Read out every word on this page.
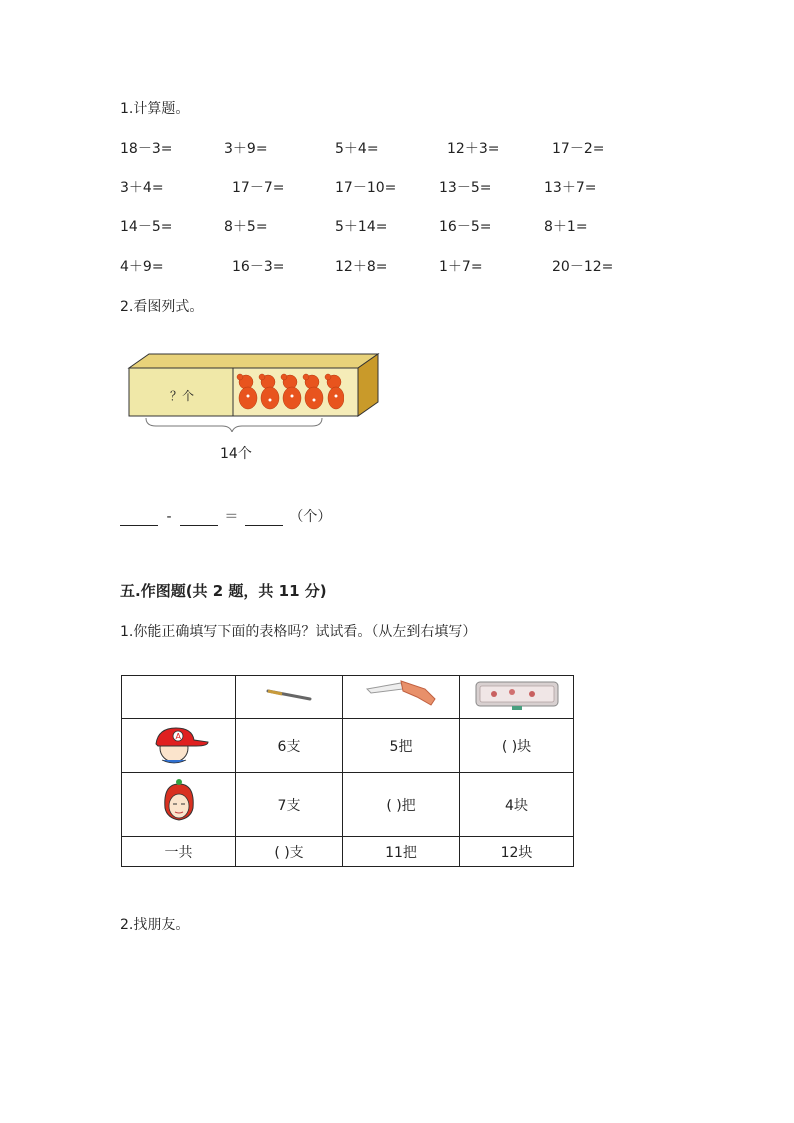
1.计算题。
18－3=	3＋9=	5＋4=	12＋3=	17－2=
3＋4=	17－7=	17－10=	13－5=	13＋7=
14－5=	8＋5=	5＋14=	16－5=	8＋1=
4＋9=	16－3=	12＋8=	1＋7=	20－12=
2.看图列式。
？个
14个
-	＝	（个）
五.作图题(共 2 题，共 11 分)
1.你能正确填写下面的表格吗？试试看。（从左到右填写）

A	6支	5把	( )块
	7支	( )把	4块
一共	( )支	11把	12块
2.找朋友。
